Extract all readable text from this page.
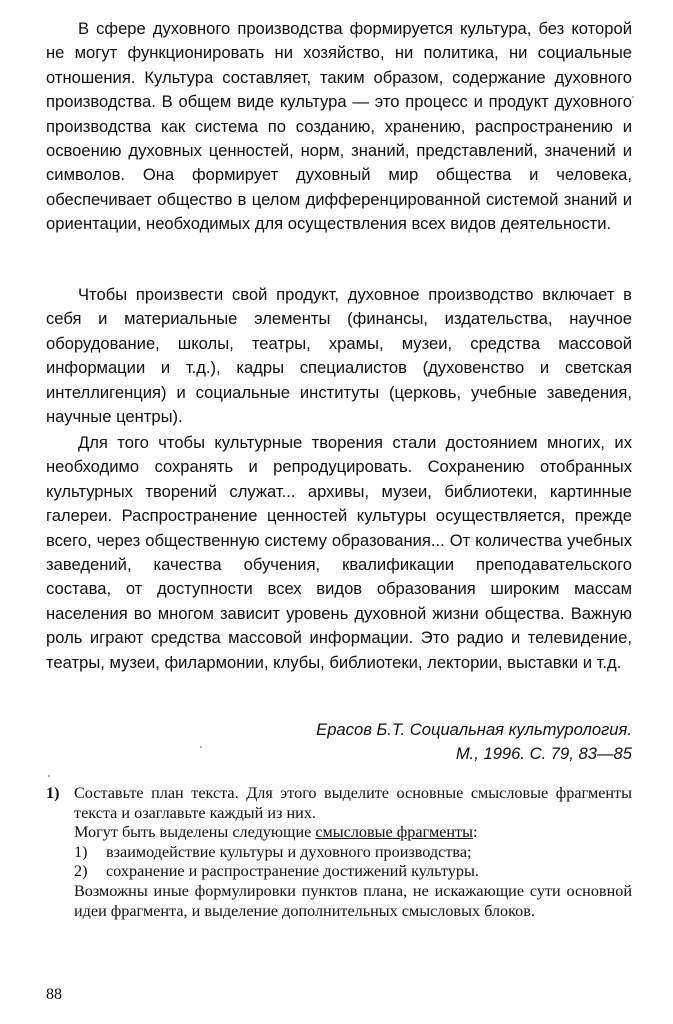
В сфере духовного производства формируется культура, без которой не могут функционировать ни хозяйство, ни политика, ни социальные отношения. Культура составляет, таким образом, содержание духовного производства. В общем виде культура — это процесс и продукт духовного производства как система по созданию, хранению, распространению и освоению духовных ценностей, норм, знаний, представлений, значений и символов. Она формирует духовный мир общества и человека, обеспечивает общество в целом дифференцированной системой знаний и ориентации, необходимых для осуществления всех видов деятельности.

Чтобы произвести свой продукт, духовное производство включает в себя и материальные элементы (финансы, издательства, научное оборудование, школы, театры, храмы, музеи, средства массовой информации и т.д.), кадры специалистов (духовенство и светская интеллигенция) и социальные институты (церковь, учебные заведения, научные центры).

Для того чтобы культурные творения стали достоянием многих, их необходимо сохранять и репродуцировать. Сохранению отобранных культурных творений служат... архивы, музеи, библиотеки, картинные галереи. Распространение ценностей культуры осуществляется, прежде всего, через общественную систему образования... От количества учебных заведений, качества обучения, квалификации преподавательского состава, от доступности всех видов образования широким массам населения во многом зависит уровень духовной жизни общества. Важную роль играют средства массовой информации. Это радио и телевидение, театры, музеи, филармонии, клубы, библиотеки, лектории, выставки и т.д.

Ерасов Б.Т. Социальная культурология.
М., 1996. С. 79, 83—85
1) Составьте план текста. Для этого выделите основные смысловые фрагменты текста и озаглавьте каждый из них.
Могут быть выделены следующие смысловые фрагменты:
1)	взаимодейcтвие культуры и духовного производства;
2)	сохранение и распространение достижений культуры.
Возможны иные формулировки пунктов плана, не искажающие сути основной идеи фрагмента, и выделение дополнительных смысловых блоков.
88
